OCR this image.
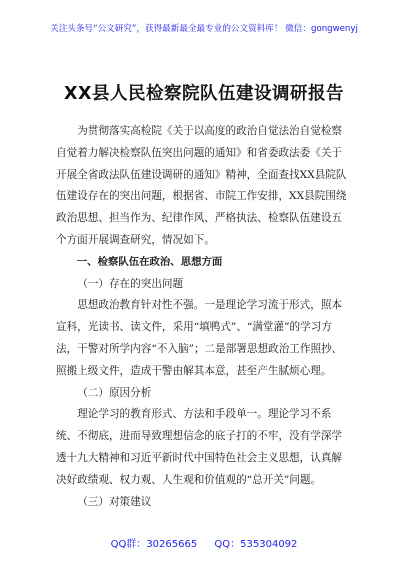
关注头条号“公文研究”，获得最新最全最专业的公文资料库！ 微信：gongwenyj
XX县人民检察院队伍建设调研报告

为贯彻落实高检院《关于以高度的政治自觉法治自觉检察自觉着力解决检察队伍突出问题的通知》和省委政法委《关于开展全省政法队伍建设调研的通知》精神，全面查找XX县院队伍建设存在的突出问题，根据省、市院工作安排，XX县院围绕政治思想、担当作为、纪律作风、严格执法、检察队伍建设五个方面开展调查研究，情况如下。

一、检察队伍在政治、思想方面

（一）存在的突出问题

思想政治教育针对性不强。一是理论学习流于形式，照本宣科，光读书、读文件，采用“填鸭式”、“满堂灌”的学习方法，干警对所学内容“不入脑”；二是部署思想政治工作照抄、照搬上级文件，造成干警由解其本意，甚至产生腻烦心理。

（二）原因分析

理论学习的教育形式、方法和手段单一。理论学习不系统、不彻底，进而导致理想信念的底子打的不牢，没有学深学透十九大精神和习近平新时代中国特色社会主义思想，认真解决好政绩观、权力观、人生观和价值观的“总开关”问题。

（三）对策建议

QQ群：30265665 QQ：535304092
